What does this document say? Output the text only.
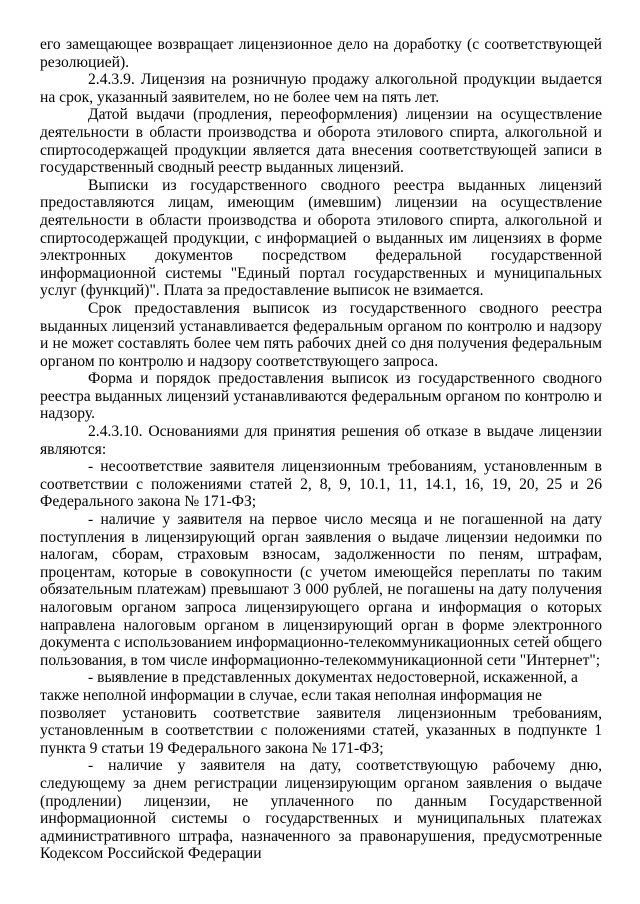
его замещающее возвращает лицензионное дело на доработку (с соответствующей резолюцией).

2.4.3.9. Лицензия на розничную продажу алкогольной продукции выдается на срок, указанный заявителем, но не более чем на пять лет.

Датой выдачи (продления, переоформления) лицензии на осуществление деятельности в области производства и оборота этилового спирта, алкогольной и спиртосодержащей продукции является дата внесения соответствующей записи в государственный сводный реестр выданных лицензий.

Выписки из государственного сводного реестра выданных лицензий предоставляются лицам, имеющим (имевшим) лицензии на осуществление деятельности в области производства и оборота этилового спирта, алкогольной и спиртосодержащей продукции, с информацией о выданных им лицензиях в форме электронных документов посредством федеральной государственной информационной системы "Единый портал государственных и муниципальных услуг (функций)". Плата за предоставление выписок не взимается.

Срок предоставления выписок из государственного сводного реестра выданных лицензий устанавливается федеральным органом по контролю и надзору и не может составлять более чем пять рабочих дней со дня получения федеральным органом по контролю и надзору соответствующего запроса.

Форма и порядок предоставления выписок из государственного сводного реестра выданных лицензий устанавливаются федеральным органом по контролю и надзору.

2.4.3.10. Основаниями для принятия решения об отказе в выдаче лицензии являются:

- несоответствие заявителя лицензионным требованиям, установленным в соответствии с положениями статей 2, 8, 9, 10.1, 11, 14.1, 16, 19, 20, 25 и 26 Федерального закона № 171-ФЗ;

- наличие у заявителя на первое число месяца и не погашенной на дату поступления в лицензирующий орган заявления о выдаче лицензии недоимки по налогам, сборам, страховым взносам, задолженности по пеням, штрафам, процентам, которые в совокупности (с учетом имеющейся переплаты по таким обязательным платежам) превышают 3 000 рублей, не погашены на дату получения налоговым органом запроса лицензирующего органа и информация о которых направлена налоговым органом в лицензирующий орган в форме электронного документа с использованием информационно-телекоммуникационных сетей общего пользования, в том числе информационно-телекоммуникационной сети "Интернет";

- выявление в представленных документах недостоверной, искаженной, а также неполной информации в случае, если такая неполная информация не

позволяет установить соответствие заявителя лицензионным требованиям, установленным в соответствии с положениями статей, указанных в подпункте 1 пункта 9 статьи 19 Федерального закона № 171-ФЗ;

- наличие у заявителя на дату, соответствующую рабочему дню, следующему за днем регистрации лицензирующим органом заявления о выдаче (продлении) лицензии, не уплаченного по данным Государственной информационной системы о государственных и муниципальных платежах административного штрафа, назначенного за правонарушения, предусмотренные Кодексом Российской Федерации
